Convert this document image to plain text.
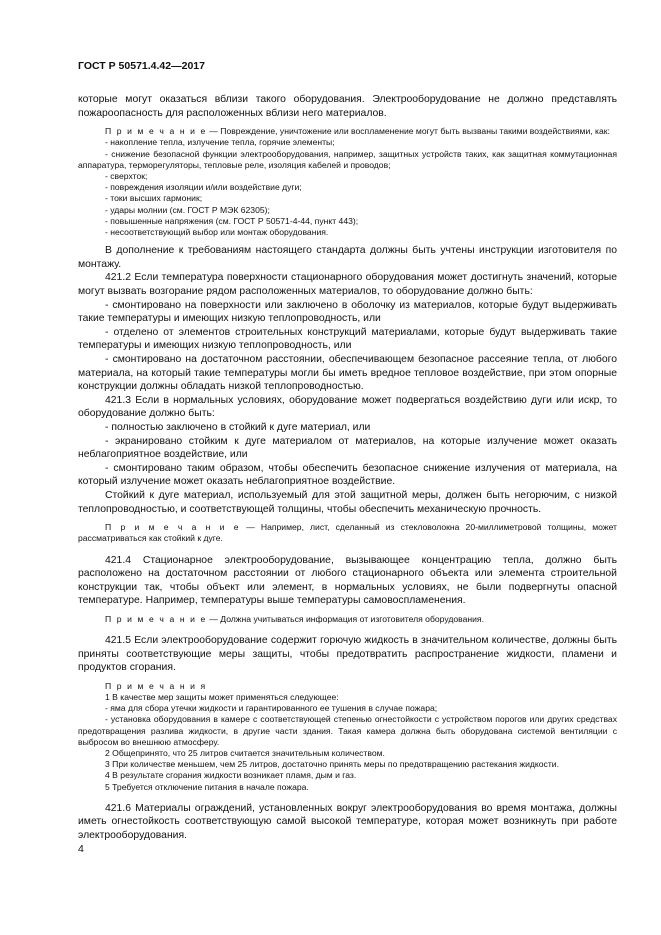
ГОСТ Р 50571.4.42—2017

которые могут оказаться вблизи такого оборудования. Электрооборудование не должно представлять пожароопасность для расположенных вблизи него материалов.

П р и м е ч а н и е — Повреждение, уничтожение или воспламенение могут быть вызваны такими воздействиями, как:

- накопление тепла, излучение тепла, горячие элементы;

- снижение безопасной функции электрооборудования, например, защитных устройств таких, как защитная коммутационная аппаратура, терморегуляторы, тепловые реле, изоляция кабелей и проводов;

- сверхток;

- повреждения изоляции и/или воздействие дуги;

- токи высших гармоник;

- удары молнии (см. ГОСТ Р МЭК 62305);

- повышенные напряжения (см. ГОСТ Р 50571-4-44, пункт 443);

- несоответствующий выбор или монтаж оборудования.

В дополнение к требованиям настоящего стандарта должны быть учтены инструкции изготовителя по монтажу.

421.2 Если температура поверхности стационарного оборудования может достигнуть значений, которые могут вызвать возгорание рядом расположенных материалов, то оборудование должно быть:

- смонтировано на поверхности или заключено в оболочку из материалов, которые будут выдерживать такие температуры и имеющих низкую теплопроводность, или

- отделено от элементов строительных конструкций материалами, которые будут выдерживать такие температуры и имеющих низкую теплопроводность, или

- смонтировано на достаточном расстоянии, обеспечивающем безопасное рассеяние тепла, от любого материала, на который такие температуры могли бы иметь вредное тепловое воздействие, при этом опорные конструкции должны обладать низкой теплопроводностью.

421.3 Если в нормальных условиях, оборудование может подвергаться воздействию дуги или искр, то оборудование должно быть:

- полностью заключено в стойкий к дуге материал, или

- экранировано стойким к дуге материалом от материалов, на которые излучение может оказать неблагоприятное воздействие, или

- смонтировано таким образом, чтобы обеспечить безопасное снижение излучения от материала, на который излучение может оказать неблагоприятное воздействие.

Стойкий к дуге материал, используемый для этой защитной меры, должен быть негорючим, с низкой теплопроводностью, и соответствующей толщины, чтобы обеспечить механическую прочность.

П р и м е ч а н и е — Например, лист, сделанный из стекловолокна 20-миллиметровой толщины, может рассматриваться как стойкий к дуге.

421.4 Стационарное электрооборудование, вызывающее концентрацию тепла, должно быть расположено на достаточном расстоянии от любого стационарного объекта или элемента строительной конструкции так, чтобы объект или элемент, в нормальных условиях, не были подвергнуты опасной температуре. Например, температуры выше температуры самовоспламенения.

П р и м е ч а н и е — Должна учитываться информация от изготовителя оборудования.

421.5 Если электрооборудование содержит горючую жидкость в значительном количестве, должны быть приняты соответствующие меры защиты, чтобы предотвратить распространение жидкости, пламени и продуктов сгорания.

П р и м е ч а н и я

1 В качестве мер защиты может применяться следующее:

- яма для сбора утечки жидкости и гарантированного ее тушения в случае пожара;

- установка оборудования в камере с соответствующей степенью огнестойкости с устройством порогов или других средствах предотвращения разлива жидкости, в другие части здания. Такая камера должна быть оборудована системой вентиляции с выбросом во внешнюю атмосферу.

2 Общепринято, что 25 литров считается значительным количеством.

3 При количестве меньшем, чем 25 литров, достаточно принять меры по предотвращению растекания жидкости.

4 В результате сгорания жидкости возникает пламя, дым и газ.

5 Требуется отключение питания в начале пожара.

421.6 Материалы ограждений, установленных вокруг электрооборудования во время монтажа, должны иметь огнестойкость соответствующую самой высокой температуре, которая может возникнуть при работе электрооборудования.

4
